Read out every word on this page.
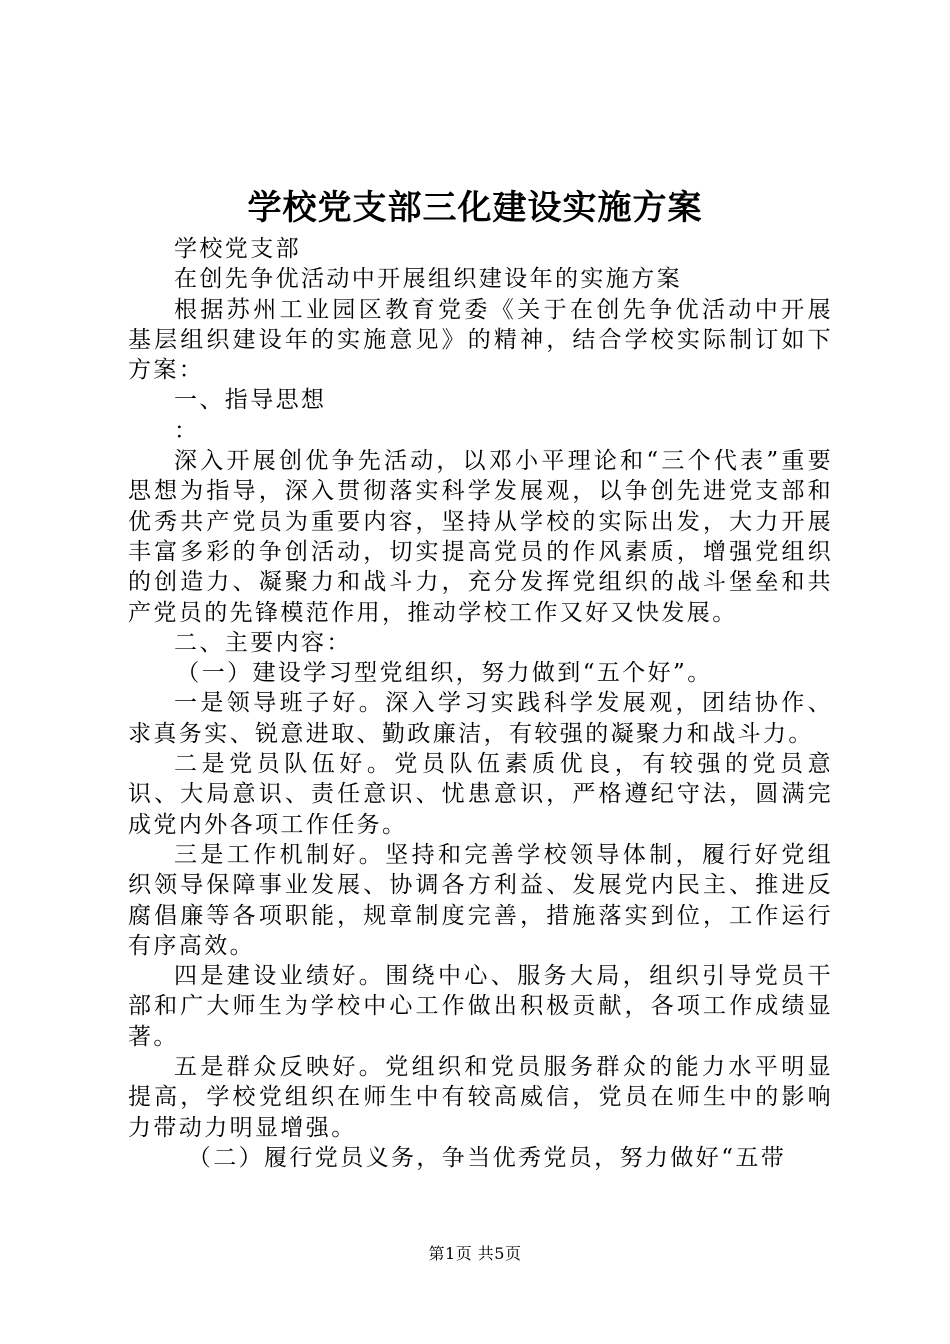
学校党支部三化建设实施方案

学校党支部

在创先争优活动中开展组织建设年的实施方案

根据苏州工业园区教育党委《关于在创先争优活动中开展基层组织建设年的实施意见》的精神，结合学校实际制订如下方案：

一、指导思想

：

深入开展创优争先活动，以邓小平理论和“三个代表”重要思想为指导，深入贯彻落实科学发展观，以争创先进党支部和优秀共产党员为重要内容，坚持从学校的实际出发，大力开展丰富多彩的争创活动，切实提高党员的作风素质，增强党组织的创造力、凝聚力和战斗力，充分发挥党组织的战斗堡垒和共产党员的先锋模范作用，推动学校工作又好又快发展。

二、主要内容：

（一）建设学习型党组织，努力做到“五个好”。

一是领导班子好。深入学习实践科学发展观，团结协作、求真务实、锐意进取、勤政廉洁，有较强的凝聚力和战斗力。

二是党员队伍好。党员队伍素质优良，有较强的党员意识、大局意识、责任意识、忧患意识，严格遵纪守法，圆满完成党内外各项工作任务。

三是工作机制好。坚持和完善学校领导体制，履行好党组织领导保障事业发展、协调各方利益、发展党内民主、推进反腐倡廉等各项职能，规章制度完善，措施落实到位，工作运行有序高效。

四是建设业绩好。围绕中心、服务大局，组织引导党员干部和广大师生为学校中心工作做出积极贡献，各项工作成绩显著。

五是群众反映好。党组织和党员服务群众的能力水平明显提高，学校党组织在师生中有较高威信，党员在师生中的影响力带动力明显增强。

（二）履行党员义务，争当优秀党员，努力做好“五带

第1页 共5页
